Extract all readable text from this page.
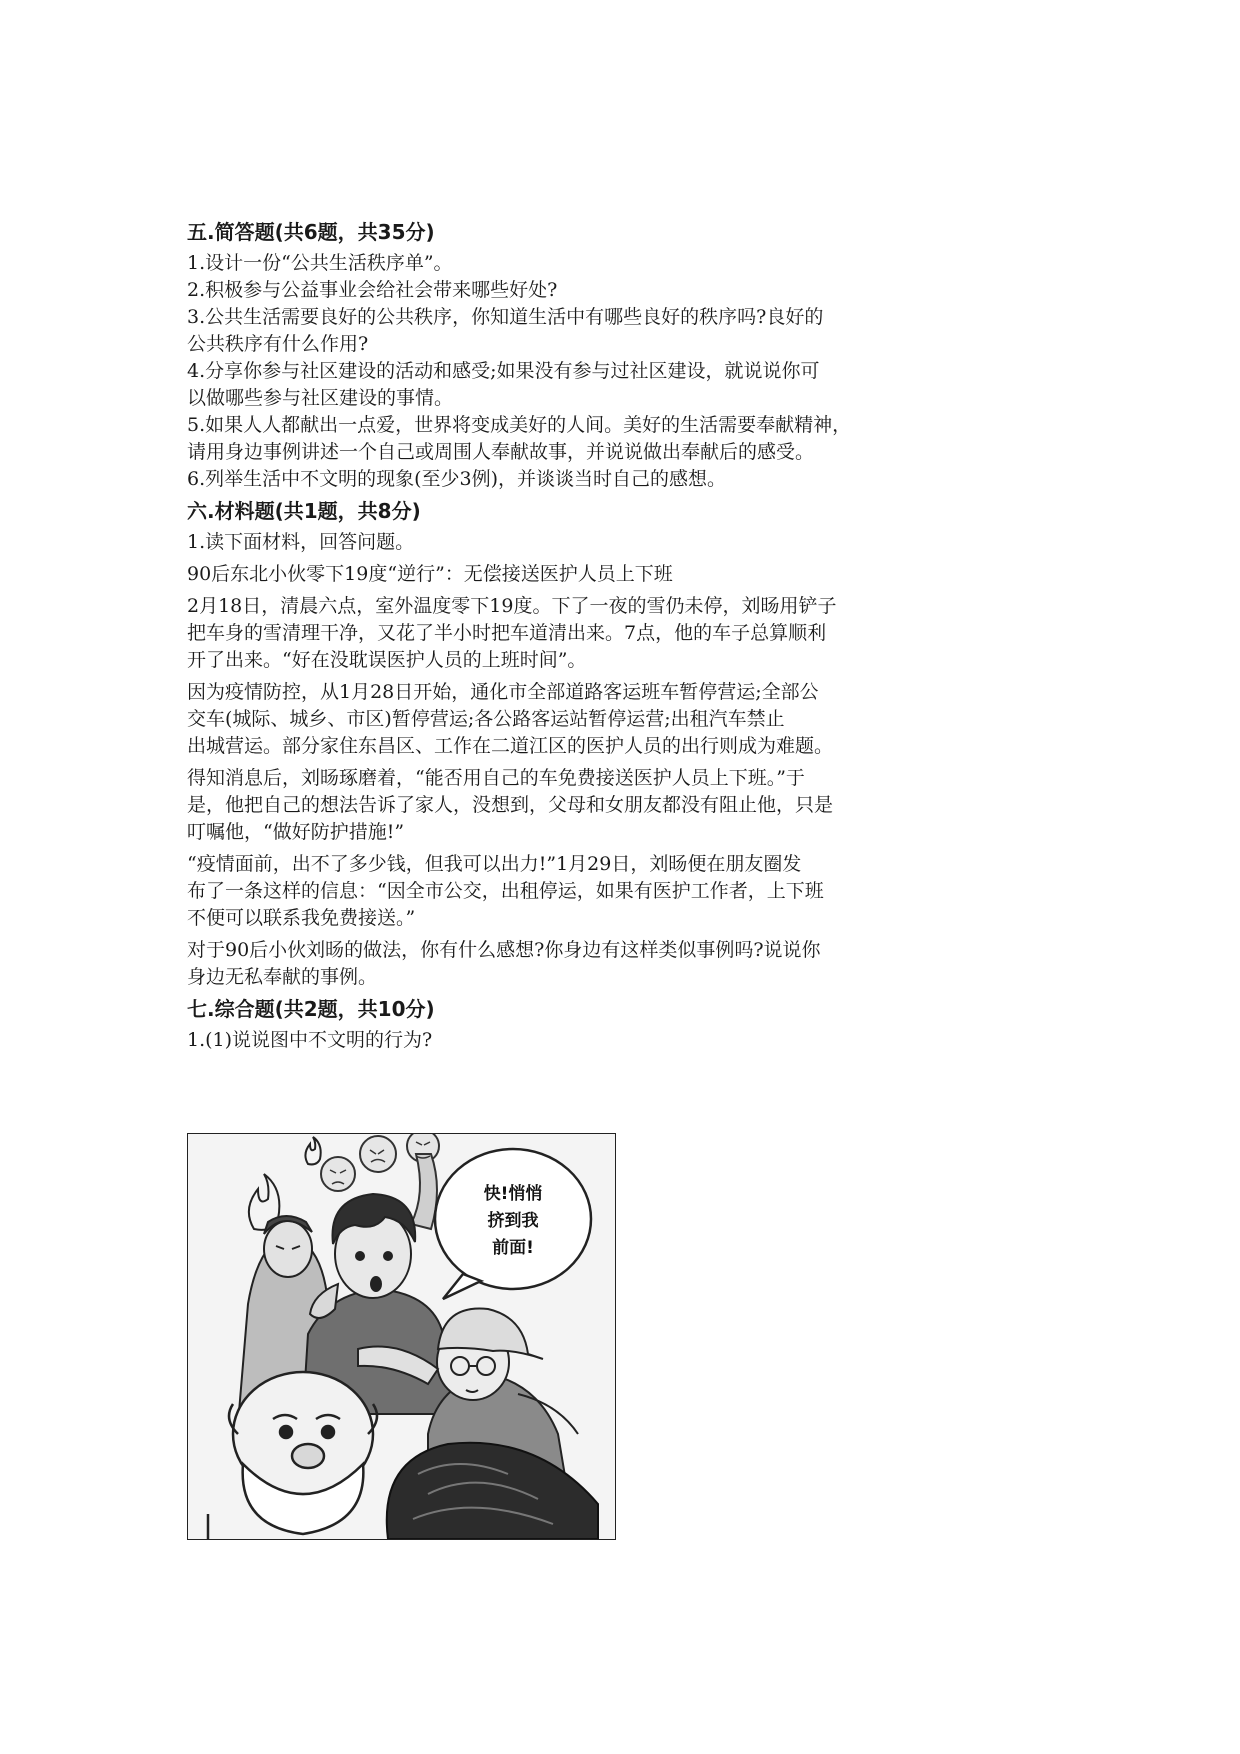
五.简答题(共6题，共35分)
1.设计一份“公共生活秩序单”。
2.积极参与公益事业会给社会带来哪些好处?
3.公共生活需要良好的公共秩序，你知道生活中有哪些良好的秩序吗?良好的
公共秩序有什么作用?
4.分享你参与社区建设的活动和感受;如果没有参与过社区建设，就说说你可
以做哪些参与社区建设的事情。
5.如果人人都献出一点爱，世界将变成美好的人间。美好的生活需要奉献精神，
请用身边事例讲述一个自己或周围人奉献故事，并说说做出奉献后的感受。
6.列举生活中不文明的现象(至少3例)，并谈谈当时自己的感想。
六.材料题(共1题，共8分)
1.读下面材料，回答问题。
90后东北小伙零下19度“逆行”：无偿接送医护人员上下班
2月18日，清晨六点，室外温度零下19度。下了一夜的雪仍未停，刘旸用铲子
把车身的雪清理干净，又花了半小时把车道清出来。7点，他的车子总算顺利
开了出来。“好在没耽误医护人员的上班时间”。
因为疫情防控，从1月28日开始，通化市全部道路客运班车暂停营运;全部公
交车(城际、城乡、市区)暂停营运;各公路客运站暂停运营;出租汽车禁止
出城营运。部分家住东昌区、工作在二道江区的医护人员的出行则成为难题。
得知消息后，刘旸琢磨着，“能否用自己的车免费接送医护人员上下班。”于
是，他把自己的想法告诉了家人，没想到，父母和女朋友都没有阻止他，只是
叮嘱他，“做好防护措施!”
“疫情面前，出不了多少钱，但我可以出力!”1月29日，刘旸便在朋友圈发
布了一条这样的信息：“因全市公交，出租停运，如果有医护工作者，上下班
不便可以联系我免费接送。”
对于90后小伙刘旸的做法，你有什么感想?你身边有这样类似事例吗?说说你
身边无私奉献的事例。
七.综合题(共2题，共10分)
1.(1)说说图中不文明的行为?
快!悄悄
挤到我
前面!
